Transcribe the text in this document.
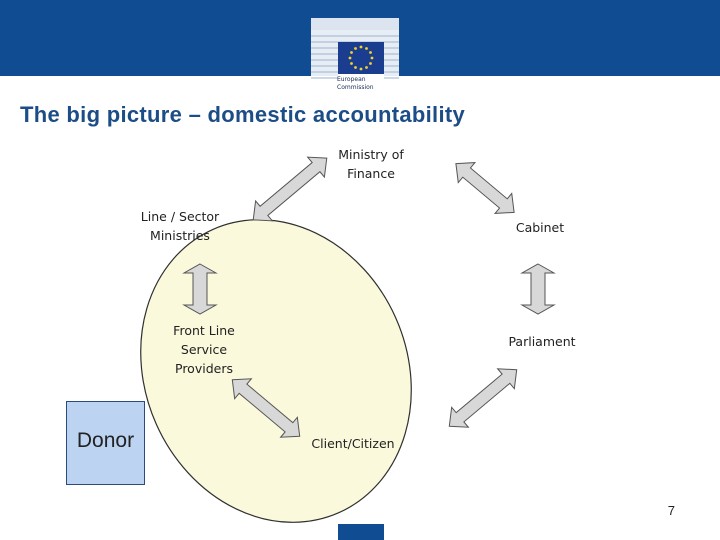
European
Commission
The big picture – domestic accountability
Ministry of
Finance
Line / Sector
Ministries
Cabinet
Front Line
Service
Providers
Parliament
Client/Citizen
Donor
7
